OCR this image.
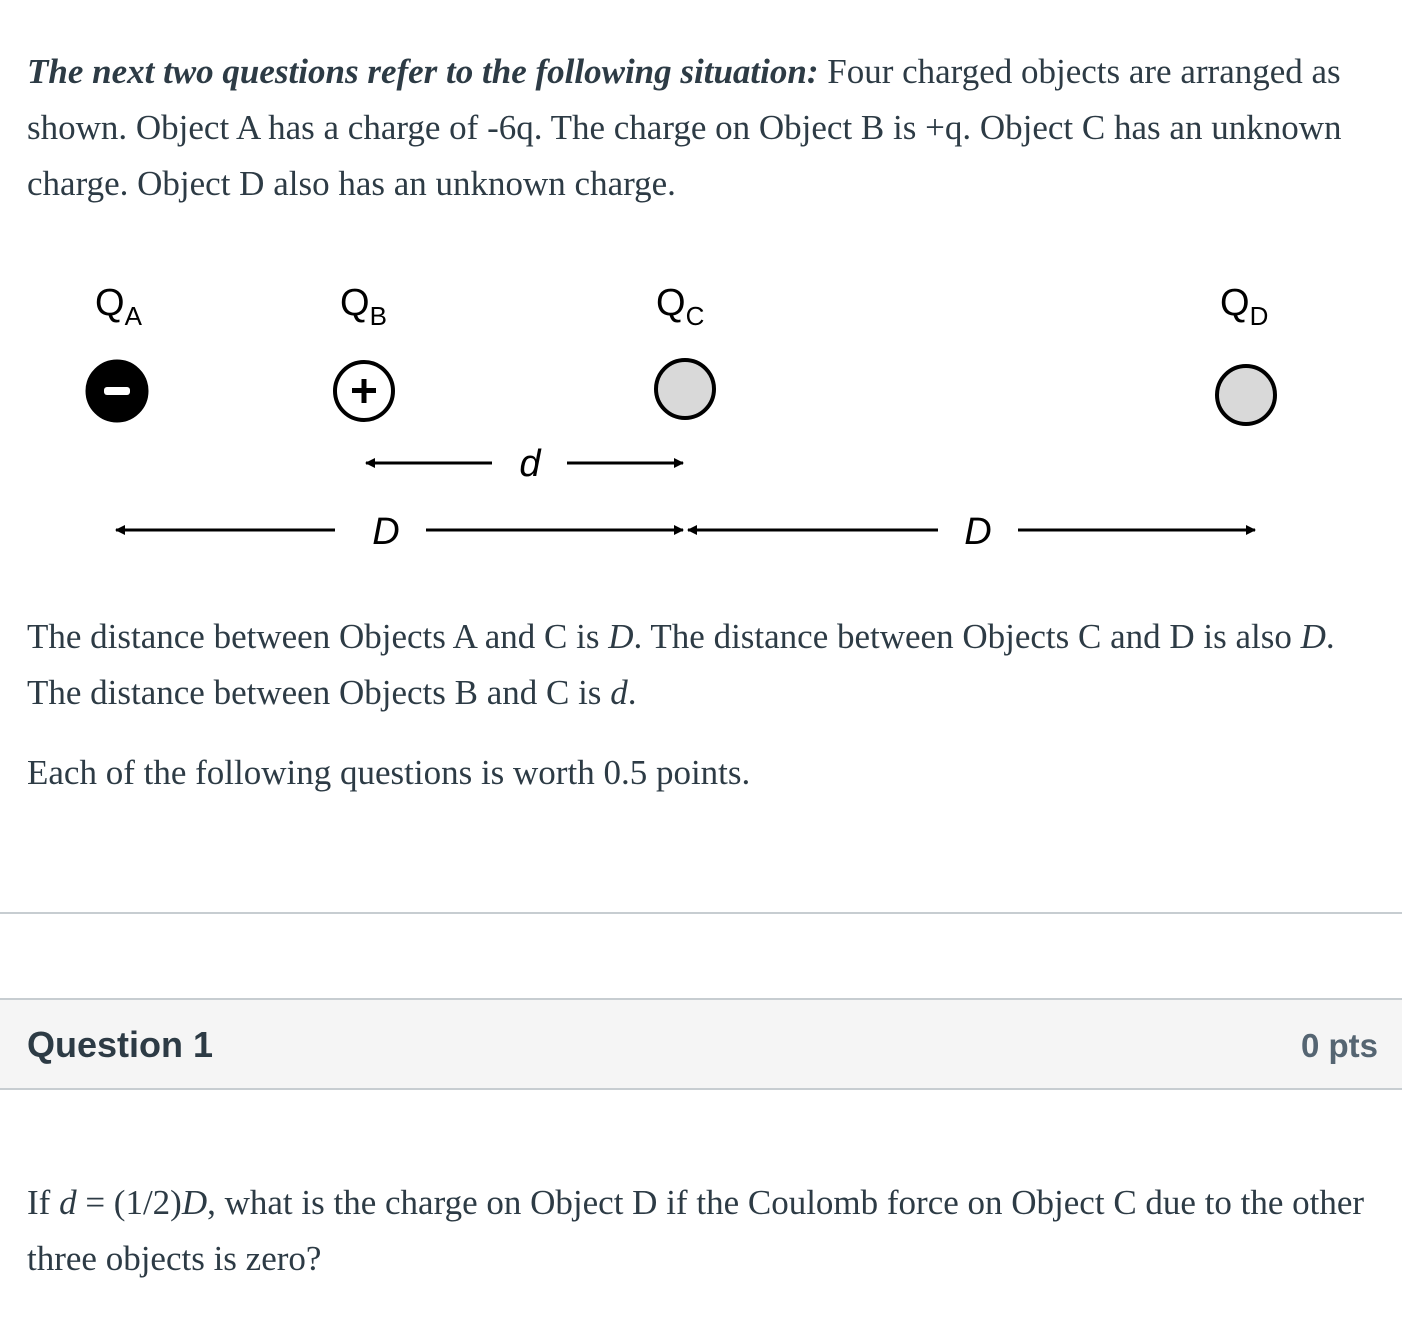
The next two questions refer to the following situation: Four charged objects are arranged as shown. Object A has a charge of -6q. The charge on Object B is +q. Object C has an unknown charge. Object D also has an unknown charge.

$Q_A$	$Q_B$	$Q_C$	$Q_D$
d
D	D

The distance between Objects A and C is D. The distance between Objects C and D is also D. The distance between Objects B and C is d.

Each of the following questions is worth 0.5 points.

Question 1	0 pts

If d = (1/2)D, what is the charge on Object D if the Coulomb force on Object C due to the other three objects is zero?
